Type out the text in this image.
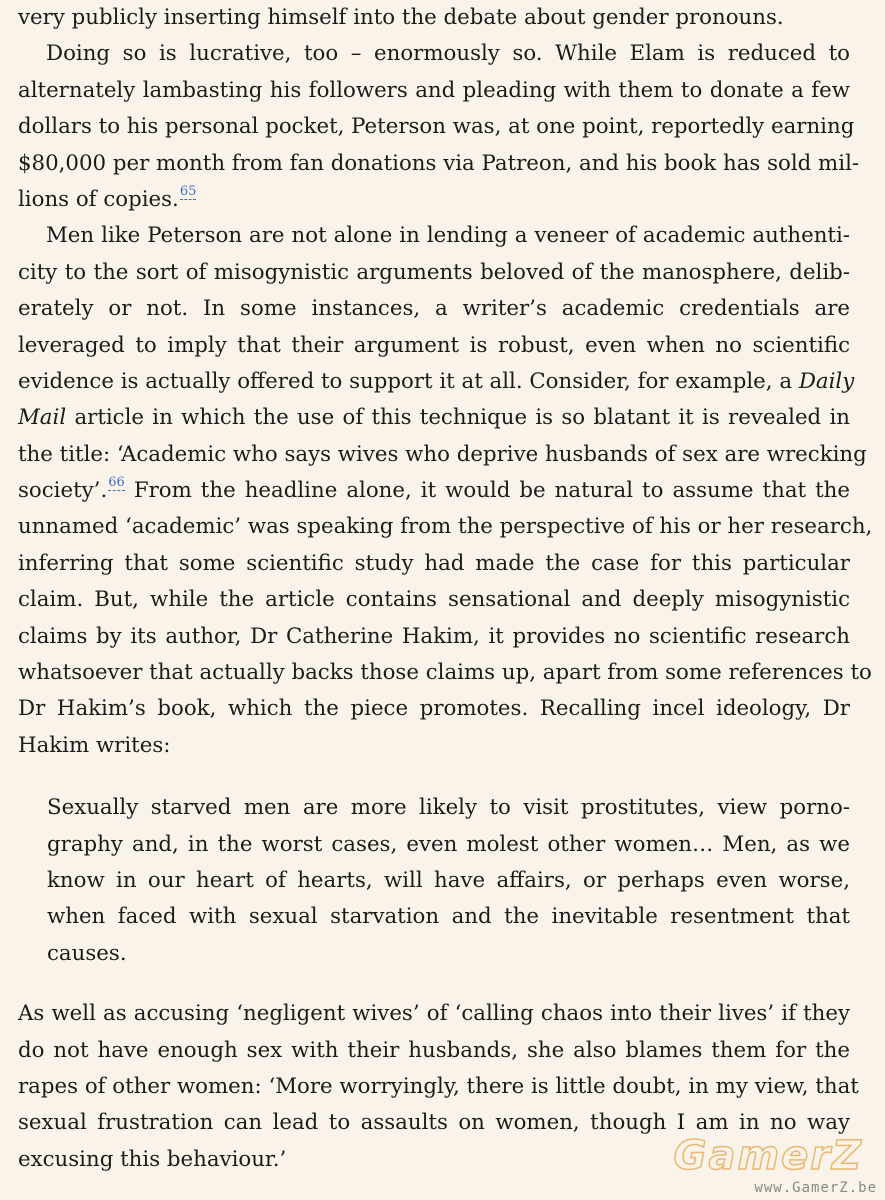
very publicly inserting himself into the debate about gender pronouns.
Doing so is lucrative, too – enormously so. While Elam is reduced to
alternately lambasting his followers and pleading with them to donate a few
dollars to his personal pocket, Peterson was, at one point, reportedly earning
$80,000 per month from fan donations via Patreon, and his book has sold mil-
lions of copies.$^{65}$
Men like Peterson are not alone in lending a veneer of academic authenti-
city to the sort of misogynistic arguments beloved of the manosphere, delib-
erately or not. In some instances, a writer’s academic credentials are
leveraged to imply that their argument is robust, even when no scientific
evidence is actually offered to support it at all. Consider, for example, a Daily
Mail article in which the use of this technique is so blatant it is revealed in
the title: ‘Academic who says wives who deprive husbands of sex are wrecking
society’.$^{66}$ From the headline alone, it would be natural to assume that the
unnamed ‘academic’ was speaking from the perspective of his or her research,
inferring that some scientific study had made the case for this particular
claim. But, while the article contains sensational and deeply misogynistic
claims by its author, Dr Catherine Hakim, it provides no scientific research
whatsoever that actually backs those claims up, apart from some references to
Dr Hakim’s book, which the piece promotes. Recalling incel ideology, Dr
Hakim writes:
Sexually starved men are more likely to visit prostitutes, view porno-
graphy and, in the worst cases, even molest other women… Men, as we
know in our heart of hearts, will have affairs, or perhaps even worse,
when faced with sexual starvation and the inevitable resentment that
causes.
As well as accusing ‘negligent wives’ of ‘calling chaos into their lives’ if they
do not have enough sex with their husbands, she also blames them for the
rapes of other women: ‘More worryingly, there is little doubt, in my view, that
sexual frustration can lead to assaults on women, though I am in no way
excusing this behaviour.’	GamerZ
www.GamerZ.be
